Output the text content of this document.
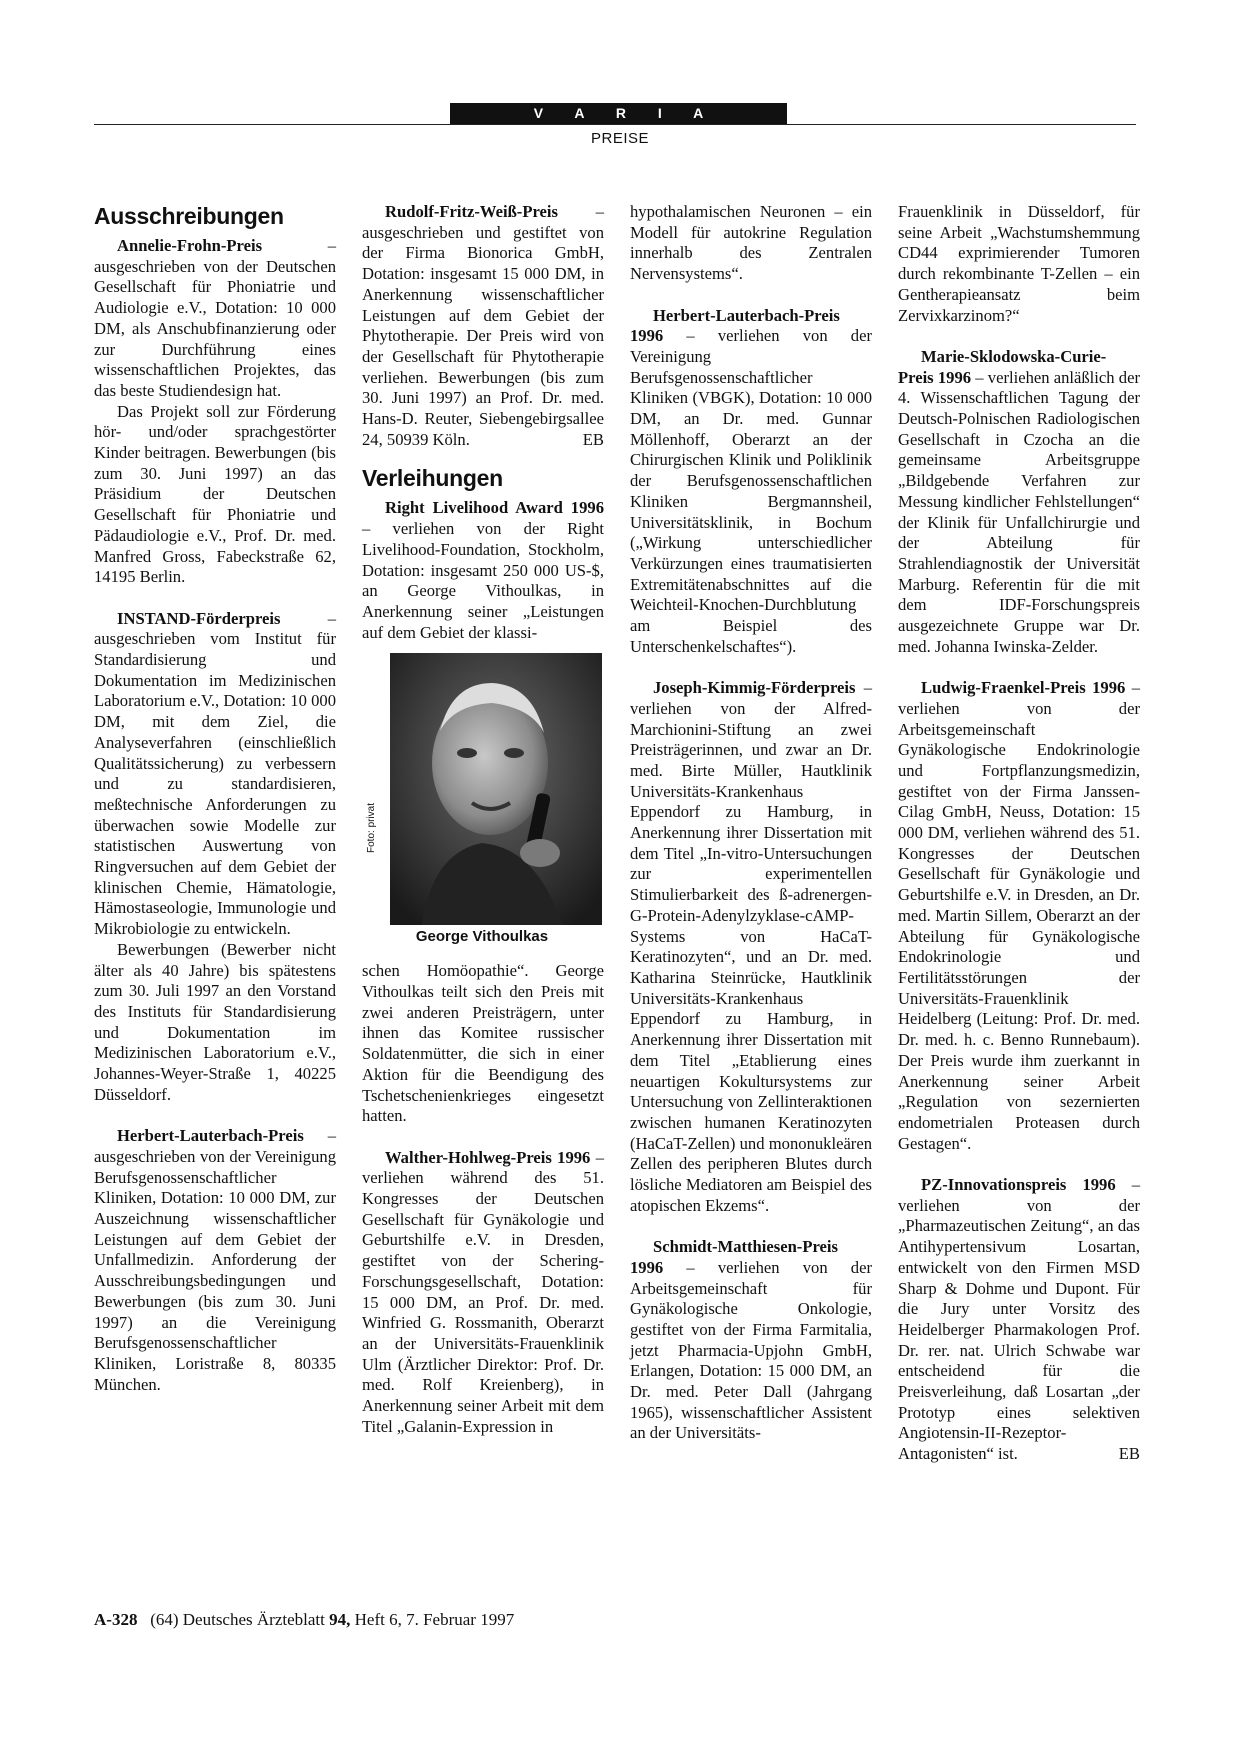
V A R I A
PREISE
Ausschreibungen

Annelie-Frohn-Preis – ausgeschrieben von der Deutschen Gesellschaft für Phoniatrie und Audiologie e.V., Dotation: 10 000 DM, als Anschubfinanzierung oder zur Durchführung eines wissenschaftlichen Projektes, das das beste Studiendesign hat.

Das Projekt soll zur Förderung hör- und/oder sprachgestörter Kinder beitragen. Bewerbungen (bis zum 30. Juni 1997) an das Präsidium der Deutschen Gesellschaft für Phoniatrie und Pädaudiologie e.V., Prof. Dr. med. Manfred Gross, Fabeckstraße 62, 14195 Berlin.

INSTAND-Förderpreis – ausgeschrieben vom Institut für Standardisierung und Dokumentation im Medizinischen Laboratorium e.V., Dotation: 10 000 DM, mit dem Ziel, die Analyseverfahren (einschließlich Qualitätssicherung) zu verbessern und zu standardisieren, meßtechnische Anforderungen zu überwachen sowie Modelle zur statistischen Auswertung von Ringversuchen auf dem Gebiet der klinischen Chemie, Hämatologie, Hämostaseologie, Immunologie und Mikrobiologie zu entwickeln.

Bewerbungen (Bewerber nicht älter als 40 Jahre) bis spätestens zum 30. Juli 1997 an den Vorstand des Instituts für Standardisierung und Dokumentation im Medizinischen Laboratorium e.V., Johannes-Weyer-Straße 1, 40225 Düsseldorf.

Herbert-Lauterbach-Preis – ausgeschrieben von der Vereinigung Berufsgenossenschaftlicher Kliniken, Dotation: 10 000 DM, zur Auszeichnung wissenschaftlicher Leistungen auf dem Gebiet der Unfallmedizin. Anforderung der Ausschreibungsbedingungen und Bewerbungen (bis zum 30. Juni 1997) an die Vereinigung Berufsgenossenschaftlicher Kliniken, Loristraße 8, 80335 München.

Rudolf-Fritz-Weiß-Preis – ausgeschrieben und gestiftet von der Firma Bionorica GmbH, Dotation: insgesamt 15 000 DM, in Anerkennung wissenschaftlicher Leistungen auf dem Gebiet der Phytotherapie. Der Preis wird von der Gesellschaft für Phytotherapie verliehen. Bewerbungen (bis zum 30. Juni 1997) an Prof. Dr. med. Hans-D. Reuter, Siebengebirgsallee 24, 50939 Köln.	EB

Verleihungen

Right Livelihood Award 1996 – verliehen von der Right Livelihood-Foundation, Stockholm, Dotation: insgesamt 250 000 US-$, an George Vithoulkas, in Anerkennung seiner „Leistungen auf dem Gebiet der klassi-

Foto: privat
George Vithoulkas

schen Homöopathie“. George Vithoulkas teilt sich den Preis mit zwei anderen Preisträgern, unter ihnen das Komitee russischer Soldatenmütter, die sich in einer Aktion für die Beendigung des Tschetschenienkrieges eingesetzt hatten.

Walther-Hohlweg-Preis 1996 – verliehen während des 51. Kongresses der Deutschen Gesellschaft für Gynäkologie und Geburtshilfe e.V. in Dresden, gestiftet von der Schering-Forschungsgesellschaft, Dotation: 15 000 DM, an Prof. Dr. med. Winfried G. Rossmanith, Oberarzt an der Universitäts-Frauenklinik Ulm (Ärztlicher Direktor: Prof. Dr. med. Rolf Kreienberg), in Anerkennung seiner Arbeit mit dem Titel „Galanin-Expression in

hypothalamischen Neuronen – ein Modell für autokrine Regulation innerhalb des Zentralen Nervensystems“.

Herbert-Lauterbach-Preis 1996 – verliehen von der Vereinigung Berufsgenossenschaftlicher Kliniken (VBGK), Dotation: 10 000 DM, an Dr. med. Gunnar Möllenhoff, Oberarzt an der Chirurgischen Klinik und Poliklinik der Berufsgenossenschaftlichen Kliniken Bergmannsheil, Universitätsklinik, in Bochum („Wirkung unterschiedlicher Verkürzungen eines traumatisierten Extremitätenabschnittes auf die Weichteil-Knochen-Durchblutung am Beispiel des Unterschenkelschaftes“).

Joseph-Kimmig-Förderpreis – verliehen von der Alfred-Marchionini-Stiftung an zwei Preisträgerinnen, und zwar an Dr. med. Birte Müller, Hautklinik Universitäts-Krankenhaus Eppendorf zu Hamburg, in Anerkennung ihrer Dissertation mit dem Titel „In-vitro-Untersuchungen zur experimentellen Stimulierbarkeit des ß-adrenergen-G-Protein-Adenylzyklase-cAMP-Systems von HaCaT-Keratinozyten“, und an Dr. med. Katharina Steinrücke, Hautklinik Universitäts-Krankenhaus Eppendorf zu Hamburg, in Anerkennung ihrer Dissertation mit dem Titel „Etablierung eines neuartigen Kokultursystems zur Untersuchung von Zellinteraktionen zwischen humanen Keratinozyten (HaCaT-Zellen) und mononukleären Zellen des peripheren Blutes durch lösliche Mediatoren am Beispiel des atopischen Ekzems“.

Schmidt-Matthiesen-Preis 1996 – verliehen von der Arbeitsgemeinschaft für Gynäkologische Onkologie, gestiftet von der Firma Farmitalia, jetzt Pharmacia-Upjohn GmbH, Erlangen, Dotation: 15 000 DM, an Dr. med. Peter Dall (Jahrgang 1965), wissenschaftlicher Assistent an der Universitäts-

Frauenklinik in Düsseldorf, für seine Arbeit „Wachstumshemmung CD44 exprimierender Tumoren durch rekombinante T-Zellen – ein Gentherapieansatz beim Zervixkarzinom?“

Marie-Sklodowska-Curie-Preis 1996 – verliehen anläßlich der 4. Wissenschaftlichen Tagung der Deutsch-Polnischen Radiologischen Gesellschaft in Czocha an die gemeinsame Arbeitsgruppe „Bildgebende Verfahren zur Messung kindlicher Fehlstellungen“ der Klinik für Unfallchirurgie und der Abteilung für Strahlendiagnostik der Universität Marburg. Referentin für die mit dem IDF-Forschungspreis ausgezeichnete Gruppe war Dr. med. Johanna Iwinska-Zelder.

Ludwig-Fraenkel-Preis 1996 – verliehen von der Arbeitsgemeinschaft Gynäkologische Endokrinologie und Fortpflanzungsmedizin, gestiftet von der Firma Janssen-Cilag GmbH, Neuss, Dotation: 15 000 DM, verliehen während des 51. Kongresses der Deutschen Gesellschaft für Gynäkologie und Geburtshilfe e.V. in Dresden, an Dr. med. Martin Sillem, Oberarzt an der Abteilung für Gynäkologische Endokrinologie und Fertilitätsstörungen der Universitäts-Frauenklinik Heidelberg (Leitung: Prof. Dr. med. Dr. med. h. c. Benno Runnebaum). Der Preis wurde ihm zuerkannt in Anerkennung seiner Arbeit „Regulation von sezernierten endometrialen Proteasen durch Gestagen“.

PZ-Innovationspreis 1996 – verliehen von der „Pharmazeutischen Zeitung“, an das Antihypertensivum Losartan, entwickelt von den Firmen MSD Sharp & Dohme und Dupont. Für die Jury unter Vorsitz des Heidelberger Pharmakologen Prof. Dr. rer. nat. Ulrich Schwabe war entscheidend für die Preisverleihung, daß Losartan „der Prototyp eines selektiven Angiotensin-II-Rezeptor-Antagonisten“ ist.	EB

A-328 (64) Deutsches Ärzteblatt 94, Heft 6, 7. Februar 1997
